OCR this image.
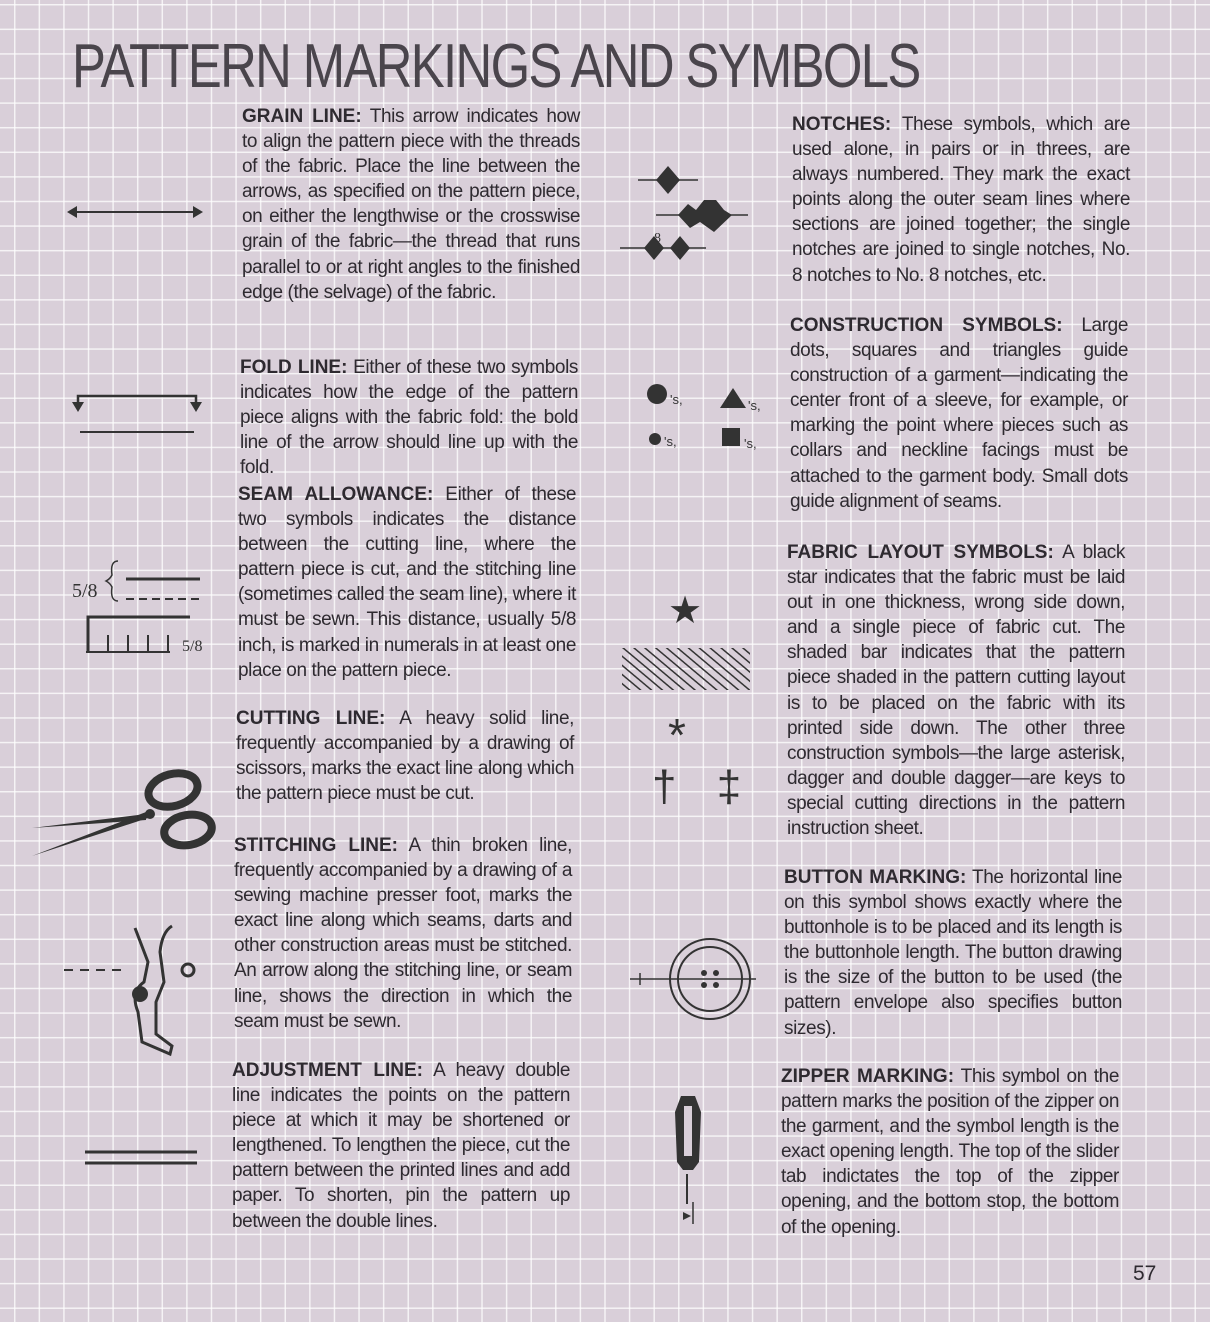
PATTERN MARKINGS AND SYMBOLS
GRAIN LINE: This arrow indicates how to align the pattern piece with the threads of the fabric. Place the line between the arrows, as specified on the pattern piece, on either the lengthwise or the crosswise grain of the fabric—the thread that runs parallel to or at right angles to the finished edge (the selvage) of the fabric.
FOLD LINE: Either of these two symbols indicates how the edge of the pattern piece aligns with the fabric fold: the bold line of the arrow should line up with the fold.
SEAM ALLOWANCE: Either of these two symbols indicates the distance between the cutting line, where the pattern piece is cut, and the stitching line (sometimes called the seam line), where it must be sewn. This distance, usually 5/8 inch, is marked in numerals in at least one place on the pattern piece.
CUTTING LINE: A heavy solid line, frequently accompanied by a drawing of scissors, marks the exact line along which the pattern piece must be cut.
STITCHING LINE: A thin broken line, frequently accompanied by a drawing of a sewing machine presser foot, marks the exact line along which seams, darts and other construction areas must be stitched. An arrow along the stitching line, or seam line, shows the direction in which the seam must be sewn.
ADJUSTMENT LINE: A heavy double line indicates the points on the pattern piece at which it may be shortened or lengthened. To lengthen the piece, cut the pattern between the printed lines and add paper. To shorten, pin the pattern up between the double lines.
NOTCHES: These symbols, which are used alone, in pairs or in threes, are always numbered. They mark the exact points along the outer seam lines where sections are joined together; the single notches are joined to single notches, No. 8 notches to No. 8 notches, etc.
CONSTRUCTION SYMBOLS: Large dots, squares and triangles guide construction of a garment—indicating the center front of a sleeve, for example, or marking the point where pieces such as collars and neckline facings must be attached to the garment body. Small dots guide alignment of seams.
FABRIC LAYOUT SYMBOLS: A black star indicates that the fabric must be laid out in one thickness, wrong side down, and a single piece of fabric cut. The shaded bar indicates that the pattern piece shaded in the pattern cutting layout is to be placed on the fabric with its printed side down. The other three construction symbols—the large asterisk, dagger and double dagger—are keys to special cutting directions in the pattern instruction sheet.
BUTTON MARKING: The horizontal line on this symbol shows exactly where the buttonhole is to be placed and its length is the buttonhole length. The button drawing is the size of the button to be used (the pattern envelope also specifies button sizes).
ZIPPER MARKING: This symbol on the pattern marks the position of the zipper on the garment, and the symbol length is the exact opening length. The top of the slider tab indictates the top of the zipper opening, and the bottom stop, the bottom of the opening.
5/8
5/8
8
's,	's,
's,	's,
★
*
† ‡
57
